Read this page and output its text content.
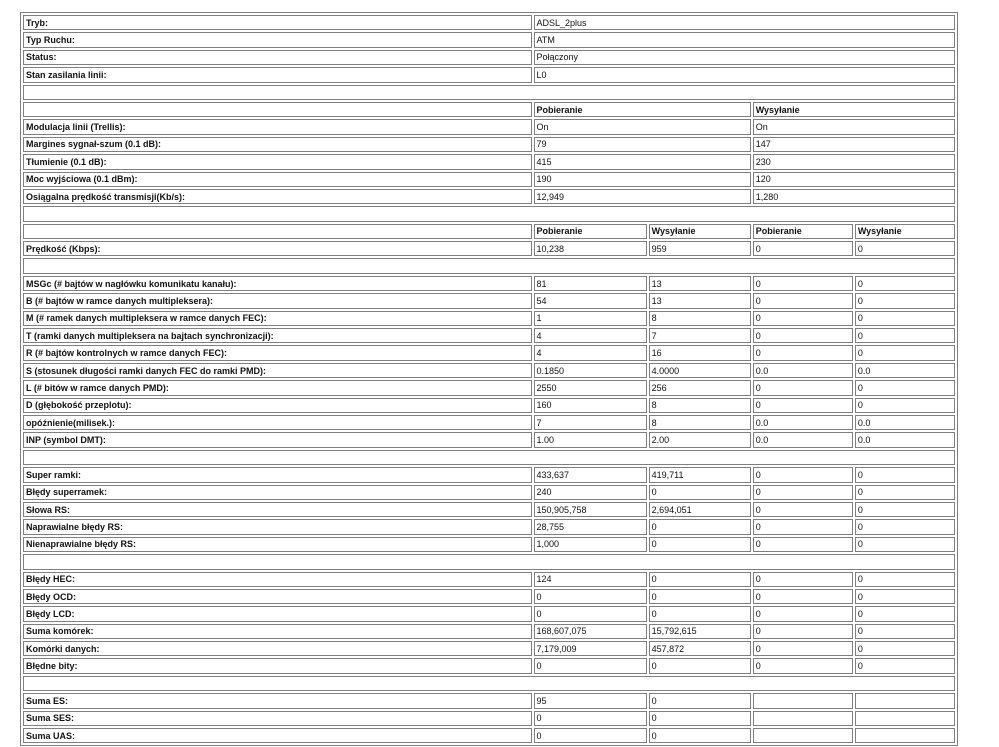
Tryb:	ADSL_2plus			
Typ Ruchu:	ATM			
Status:	Połączony			
Stan zasilania linii:	L0			

	Pobieranie		Wysyłanie	
Modulacja linii (Trellis):	On		On	
Margines sygnał-szum (0.1 dB):	79		147	
Tłumienie (0.1 dB):	415		230	
Moc wyjściowa (0.1 dBm):	190		120	
Osiągalna prędkość transmisji(Kb/s):	12,949		1,280	

	Pobieranie	Wysyłanie	Pobieranie	Wysyłanie
Prędkość (Kbps):	10,238	959	0	0

MSGc (# bajtów w nagłówku komunikatu kanału):	81	13	0	0
B (# bajtów w ramce danych multipleksera):	54	13	0	0
M (# ramek danych multipleksera w ramce danych FEC):	1	8	0	0
T (ramki danych multipleksera na bajtach synchronizacji):	4	7	0	0
R (# bajtów kontrolnych w ramce danych FEC):	4	16	0	0
S (stosunek długości ramki danych FEC do ramki PMD):	0.1850	4.0000	0.0	0.0
L (# bitów w ramce danych PMD):	2550	256	0	0
D (głębokość przeplotu):	160	8	0	0
opóźnienie(milisek.):	7	8	0.0	0.0
INP (symbol DMT):	1.00	2.00	0.0	0.0

Super ramki:	433,637	419,711	0	0
Błędy superramek:	240	0	0	0
Słowa RS:	150,905,758	2,694,051	0	0
Naprawialne błędy RS:	28,755	0	0	0
Nienaprawialne błędy RS:	1,000	0	0	0

Błędy HEC:	124	0	0	0
Błędy OCD:	0	0	0	0
Błędy LCD:	0	0	0	0
Suma komórek:	168,607,075	15,792,615	0	0
Komórki danych:	7,179,009	457,872	0	0
Błędne bity:	0	0	0	0

Suma ES:	95	0		
Suma SES:	0	0		
Suma UAS:	0	0		
